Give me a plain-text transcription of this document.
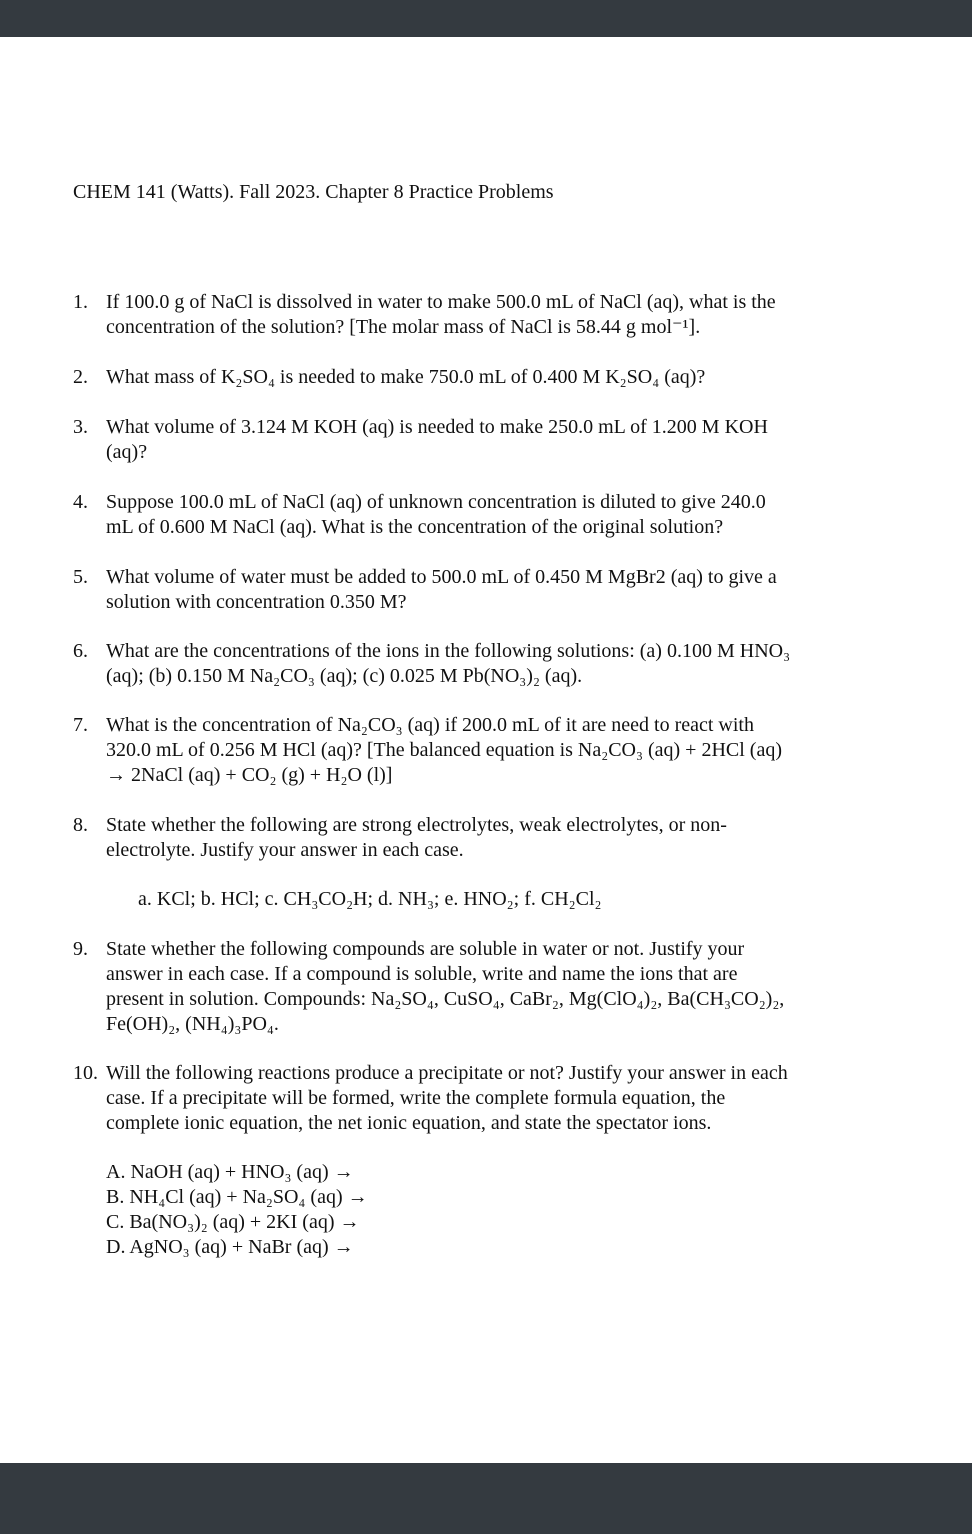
CHEM 141 (Watts). Fall 2023. Chapter 8 Practice Problems
1. If 100.0 g of NaCl is dissolved in water to make 500.0 mL of NaCl (aq), what is the
concentration of the solution? [The molar mass of NaCl is 58.44 g mol⁻¹].
2. What mass of K₂SO₄ is needed to make 750.0 mL of 0.400 M K₂SO₄ (aq)?
3. What volume of 3.124 M KOH (aq) is needed to make 250.0 mL of 1.200 M KOH
(aq)?
4. Suppose 100.0 mL of NaCl (aq) of unknown concentration is diluted to give 240.0
mL of 0.600 M NaCl (aq). What is the concentration of the original solution?
5. What volume of water must be added to 500.0 mL of 0.450 M MgBr2 (aq) to give a
solution with concentration 0.350 M?
6. What are the concentrations of the ions in the following solutions: (a) 0.100 M HNO₃
(aq); (b) 0.150 M Na₂CO₃ (aq); (c) 0.025 M Pb(NO₃)₂ (aq).
7. What is the concentration of Na₂CO₃ (aq) if 200.0 mL of it are need to react with
320.0 mL of 0.256 M HCl (aq)? [The balanced equation is Na₂CO₃ (aq) + 2HCl (aq)
→ 2NaCl (aq) + CO₂ (g) + H₂O (l)]
8. State whether the following are strong electrolytes, weak electrolytes, or non-
electrolyte. Justify your answer in each case.
a. KCl; b. HCl; c. CH₃CO₂H; d. NH₃; e. HNO₂; f. CH₂Cl₂
9. State whether the following compounds are soluble in water or not. Justify your
answer in each case. If a compound is soluble, write and name the ions that are
present in solution. Compounds: Na₂SO₄, CuSO₄, CaBr₂, Mg(ClO₄)₂, Ba(CH₃CO₂)₂,
Fe(OH)₂, (NH₄)₃PO₄.
10. Will the following reactions produce a precipitate or not? Justify your answer in each
case. If a precipitate will be formed, write the complete formula equation, the
complete ionic equation, the net ionic equation, and state the spectator ions.
A. NaOH (aq) + HNO₃ (aq) →
B. NH₄Cl (aq) + Na₂SO₄ (aq) →
C. Ba(NO₃)₂ (aq) + 2KI (aq) →
D. AgNO₃ (aq) + NaBr (aq) →
